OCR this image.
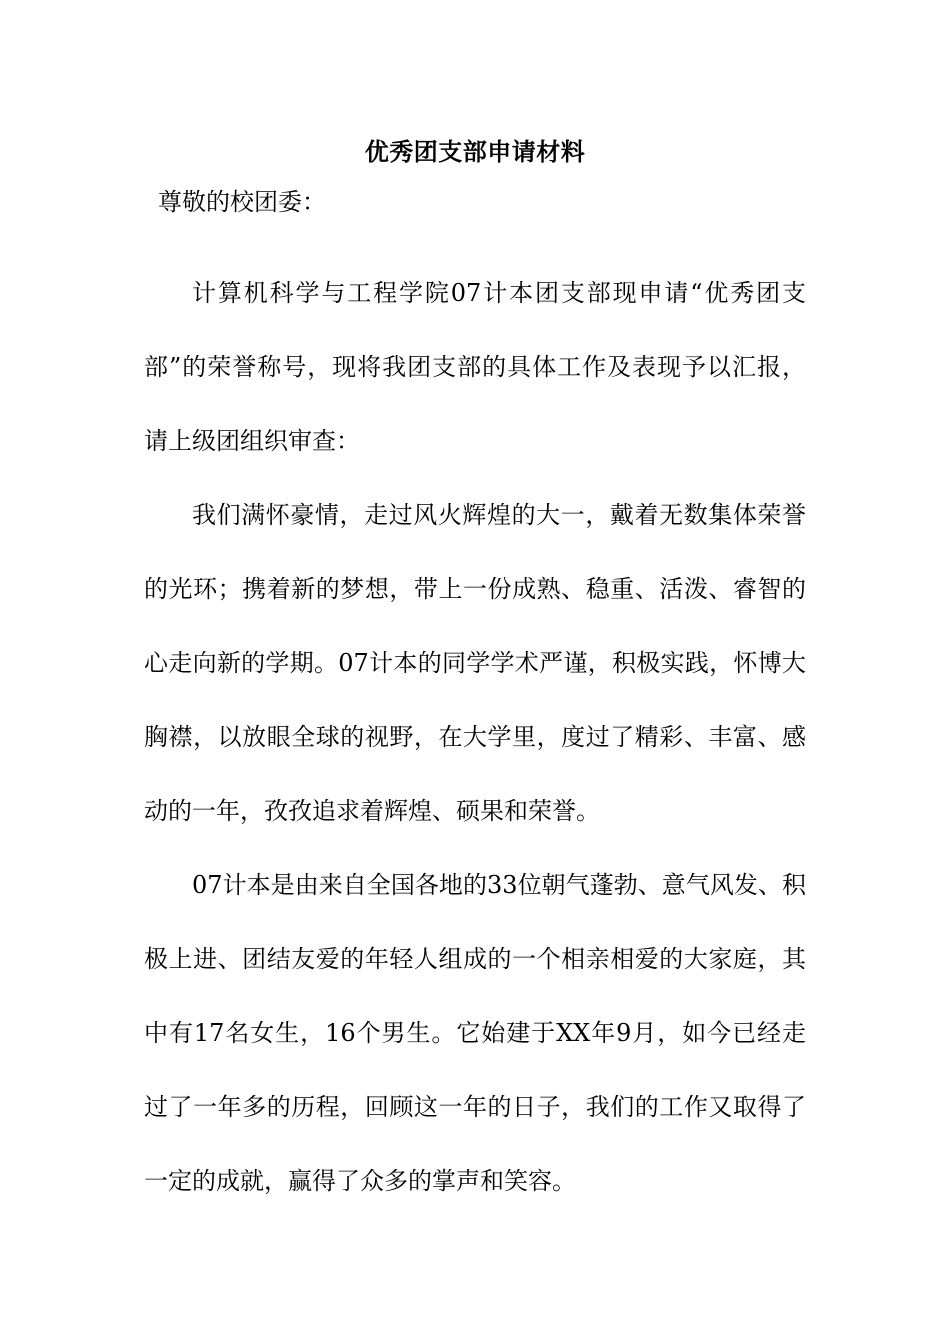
优秀团支部申请材料
尊敬的校团委：

计算机科学与工程学院07计本团支部现申请“优秀团支
部”的荣誉称号，现将我团支部的具体工作及表现予以汇报，
请上级团组织审查：

我们满怀豪情，走过风火辉煌的大一，戴着无数集体荣誉
的光环；携着新的梦想，带上一份成熟、稳重、活泼、睿智的
心走向新的学期。07计本的同学学术严谨，积极实践，怀博大
胸襟，以放眼全球的视野，在大学里，度过了精彩、丰富、感
动的一年，孜孜追求着辉煌、硕果和荣誉。

07计本是由来自全国各地的33位朝气蓬勃、意气风发、积
极上进、团结友爱的年轻人组成的一个相亲相爱的大家庭，其
中有17名女生，16个男生。它始建于XX年9月，如今已经走
过了一年多的历程，回顾这一年的日子，我们的工作又取得了
一定的成就，赢得了众多的掌声和笑容。
